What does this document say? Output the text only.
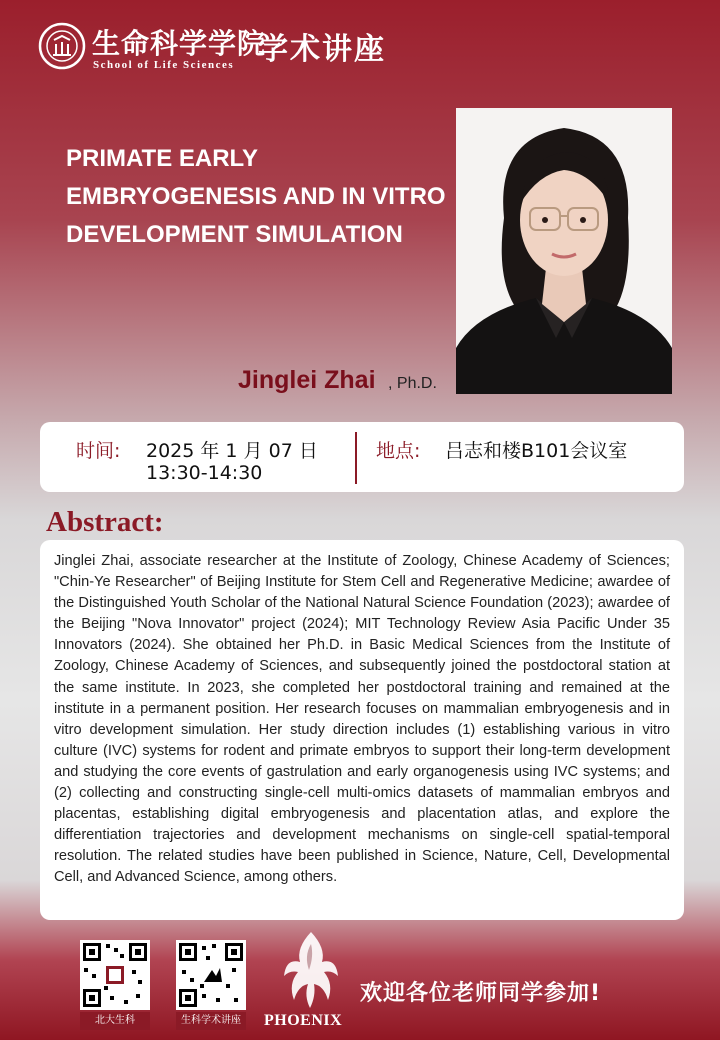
生命科学学院
School of Life Sciences 学术讲座
PRIMATE EARLY EMBRYOGENESIS AND IN VITRO DEVELOPMENT SIMULATION
Jinglei Zhai , Ph.D.
时间: 2025 年 1 月 07 日
13:30-14:30
地点: 吕志和楼B101会议室
Abstract:

Jinglei Zhai, associate researcher at the Institute of Zoology, Chinese Academy of Sciences; "Chin-Ye Researcher" of Beijing Institute for Stem Cell and Regenerative Medicine; awardee of the Distinguished Youth Scholar of the National Natural Science Foundation (2023); awardee of the Beijing "Nova Innovator" project (2024); MIT Technology Review Asia Pacific Under 35 Innovators (2024). She obtained her Ph.D. in Basic Medical Sciences from the Institute of Zoology, Chinese Academy of Sciences, and subsequently joined the postdoctoral station at the same institute. In 2023, she completed her postdoctoral training and remained at the institute in a permanent position. Her research focuses on mammalian embryogenesis and in vitro development simulation. Her study direction includes (1) establishing various in vitro culture (IVC) systems for rodent and primate embryos to support their long-term development and studying the core events of gastrulation and early organogenesis using IVC systems; and (2) collecting and constructing single-cell multi-omics datasets of mammalian embryos and placentas, establishing digital embryogenesis and placentation atlas, and explore the differentiation trajectories and development mechanisms on single-cell spatial-temporal resolution. The related studies have been published in Science, Nature, Cell, Developmental Cell, and Advanced Science, among others.

北大生科	生科学术讲座	PHOENIX
欢迎各位老师同学参加!
